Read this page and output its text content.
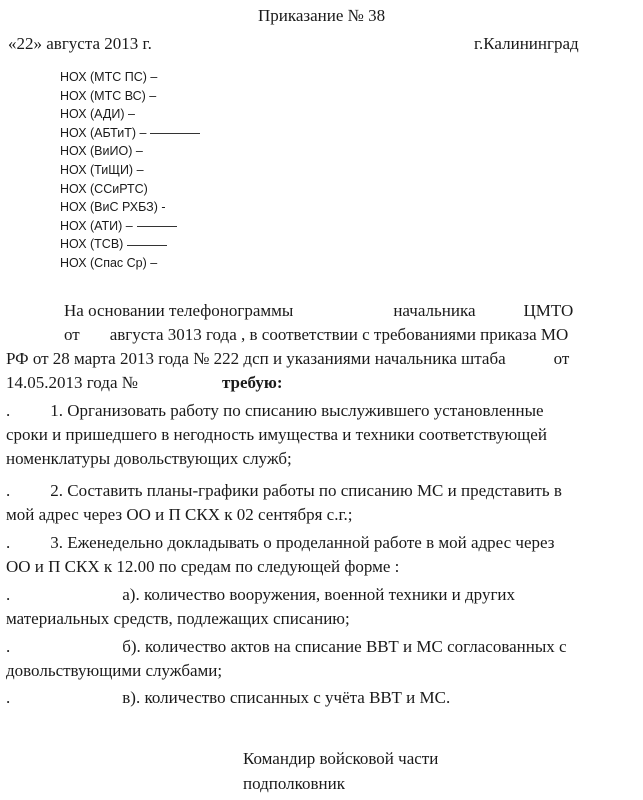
Приказание № 38
«22» августа 2013 г.	г.Калининград
НОХ (МТС ПС) –
НОХ (МТС ВС) –
НОХ (АДИ) –
НОХ (АБТиТ) –
НОХ (ВиИО) –
НОХ (ТиЩИ) –
НОХ (ССиРТС)
НОХ (ВиС РХБЗ) -
НОХ (АТИ) –
НОХ (ТСВ)
НОХ (Спас Ср) –
На основании телефонограммы	начальника	ЦМТО
от августа 3013 года , в соответствии с требованиями приказа МО
РФ от 28 марта 2013 года № 222 дсп и указаниями начальника штаба	от
14.05.2013 года №	требую:
. 1. Организовать работу по списанию выслужившего установленные
сроки и пришедшего в негодность имущества и техники соответствующей
номенклатуры довольствующих служб;
. 2. Составить планы-графики работы по списанию МС и представить в
мой адрес через ОО и П СКХ к 02 сентября с.г.;
. 3. Еженедельно докладывать о проделанной работе в мой адрес через
ОО и П СКХ к 12.00 по средам по следующей форме :
.	а). количество вооружения, военной техники и других
материальных средств, подлежащих списанию;
.	б). количество актов на списание ВВТ и МС согласованных с
довольствующими службами;
.	в). количество списанных с учёта ВВТ и МС.
Командир войсковой части
подполковник
